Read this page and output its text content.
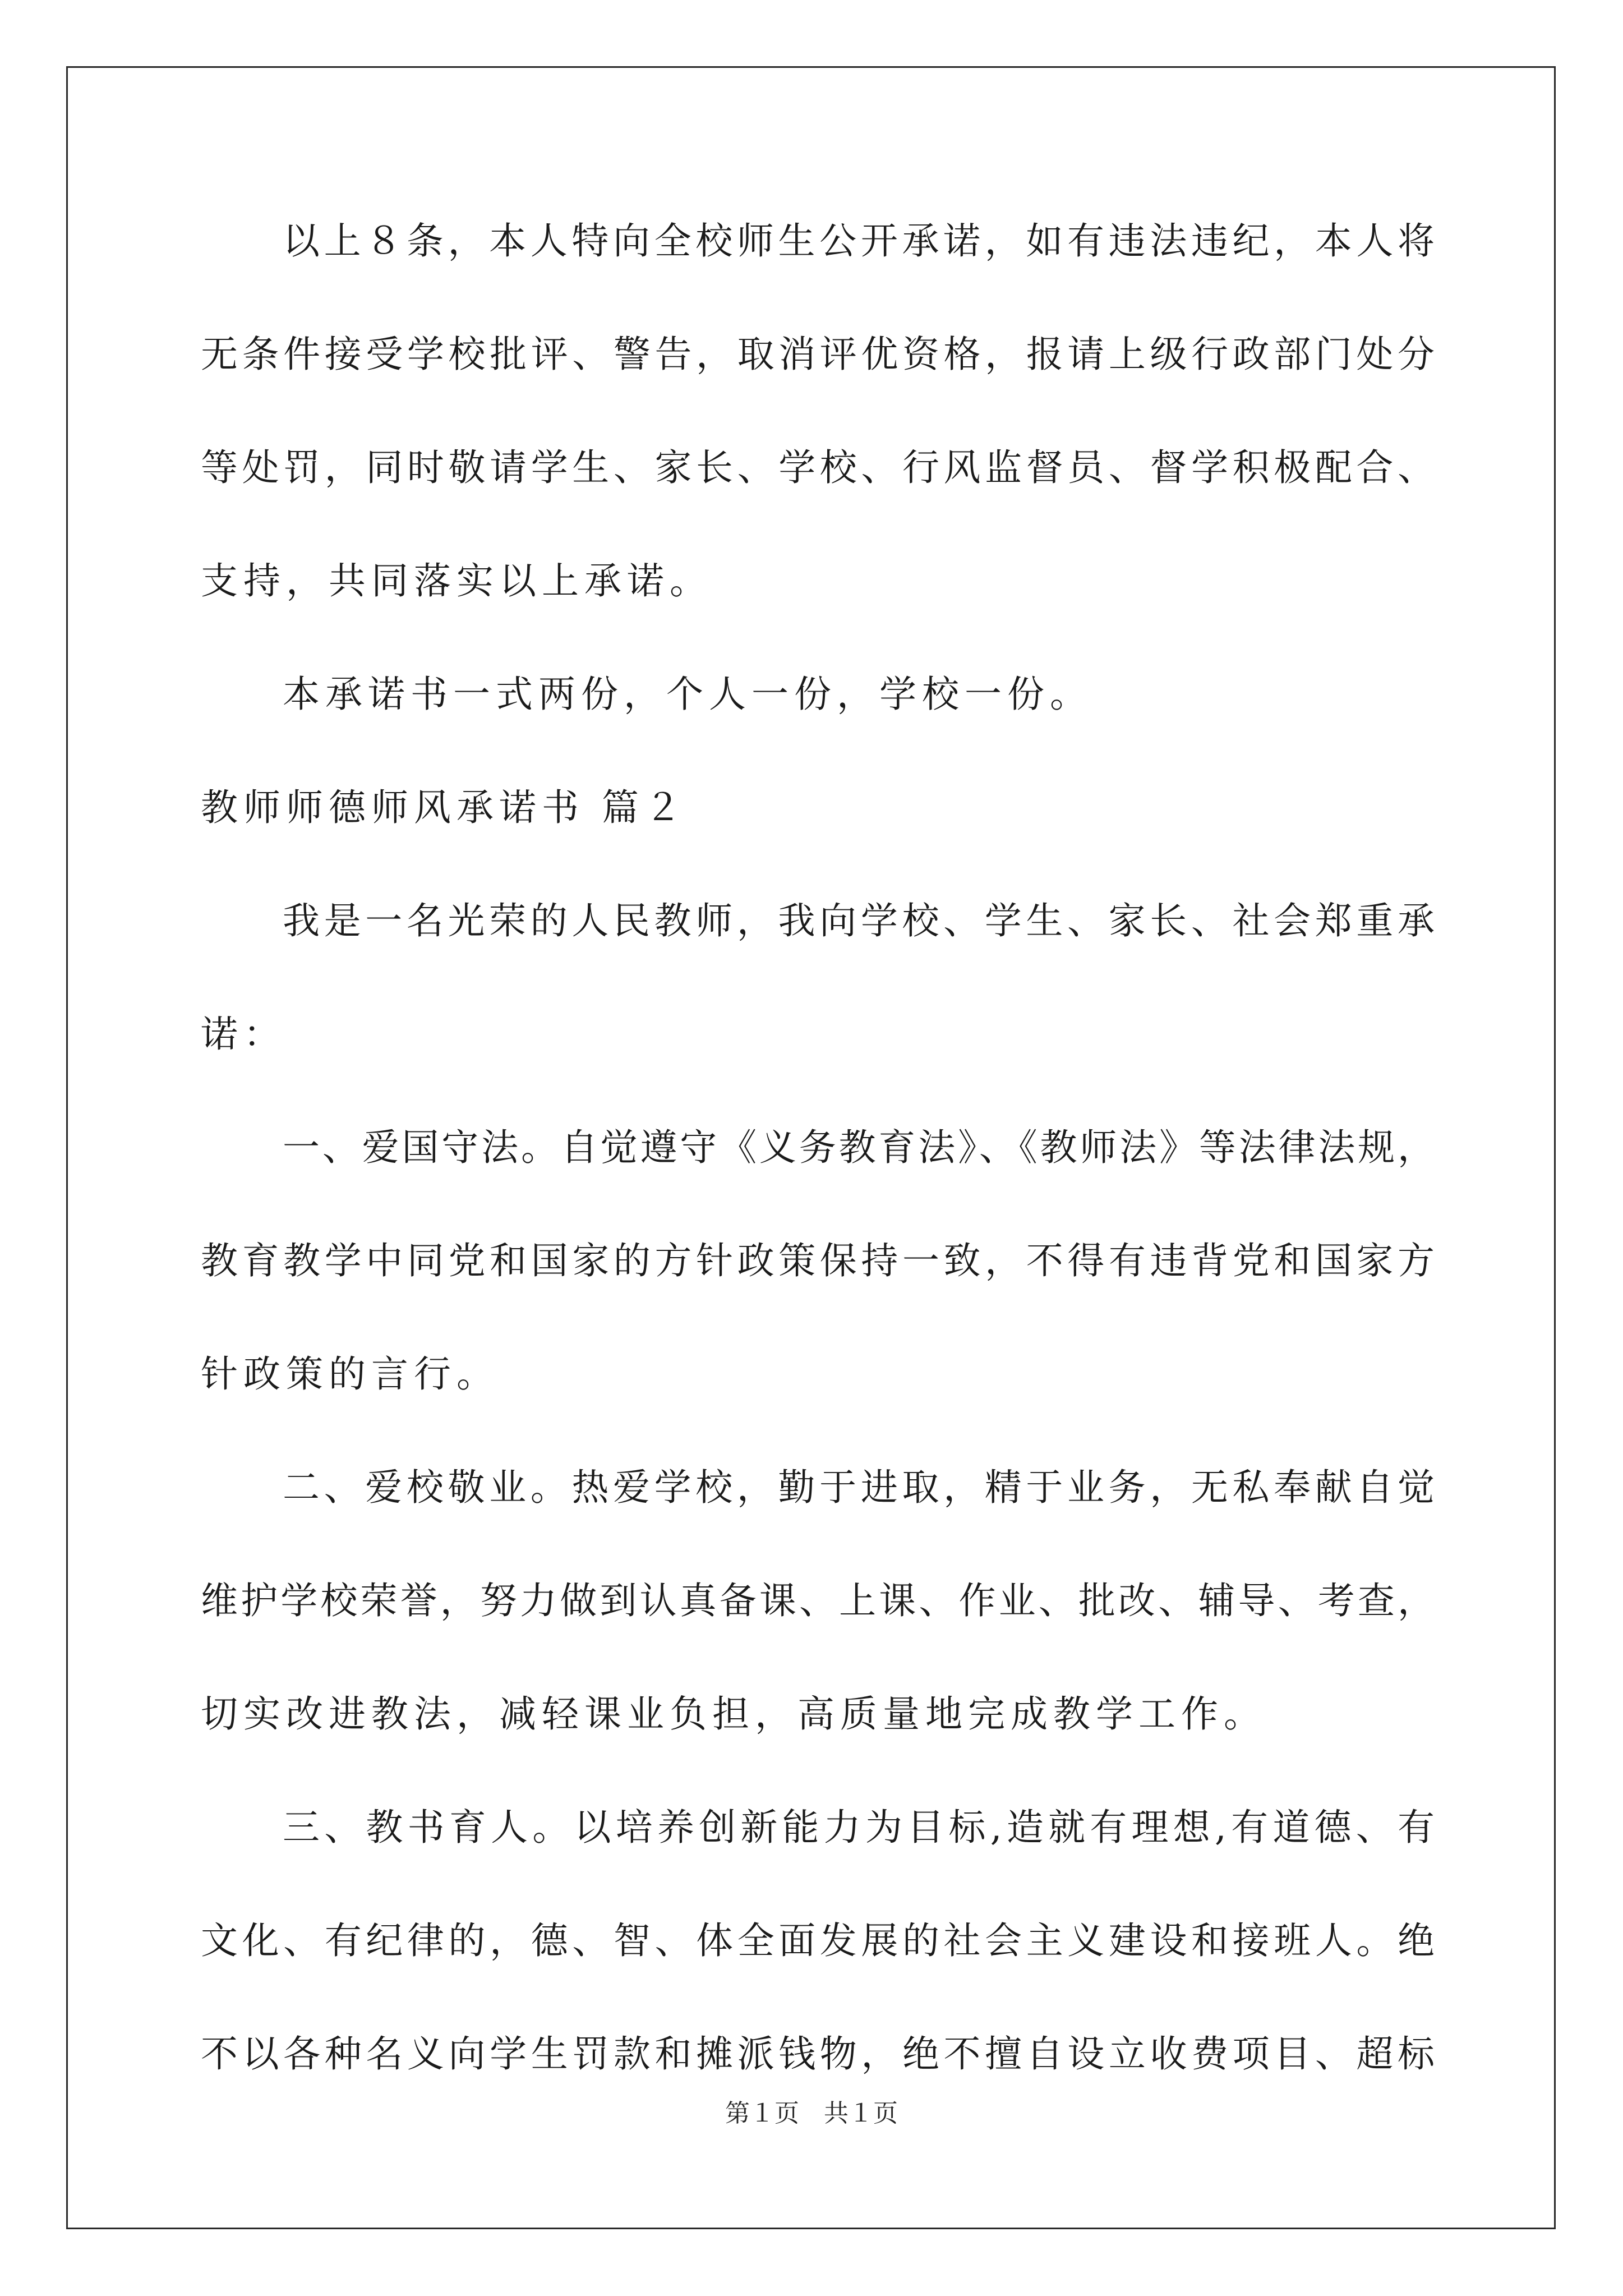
以上８条，本人特向全校师生公开承诺，如有违法违纪，本人将
无条件接受学校批评、警告，取消评优资格，报请上级行政部门处分
等处罚，同时敬请学生、家长、学校、行风监督员、督学积极配合、
支持，共同落实以上承诺。
本承诺书一式两份，个人一份，学校一份。
教师师德师风承诺书 篇２
我是一名光荣的人民教师，我向学校、学生、家长、社会郑重承
诺：
一、爱国守法。自觉遵守《义务教育法》、《教师法》等法律法规，
教育教学中同党和国家的方针政策保持一致，不得有违背党和国家方
针政策的言行。
二、爱校敬业。热爱学校，勤于进取，精于业务，无私奉献自觉
维护学校荣誉，努力做到认真备课、上课、作业、批改、辅导、考查，
切实改进教法，减轻课业负担，高质量地完成教学工作。
三、教书育人。以培养创新能力为目标,造就有理想,有道德、有
文化、有纪律的，德、智、体全面发展的社会主义建设和接班人。绝
不以各种名义向学生罚款和摊派钱物，绝不擅自设立收费项目、超标
第１页　共１页
